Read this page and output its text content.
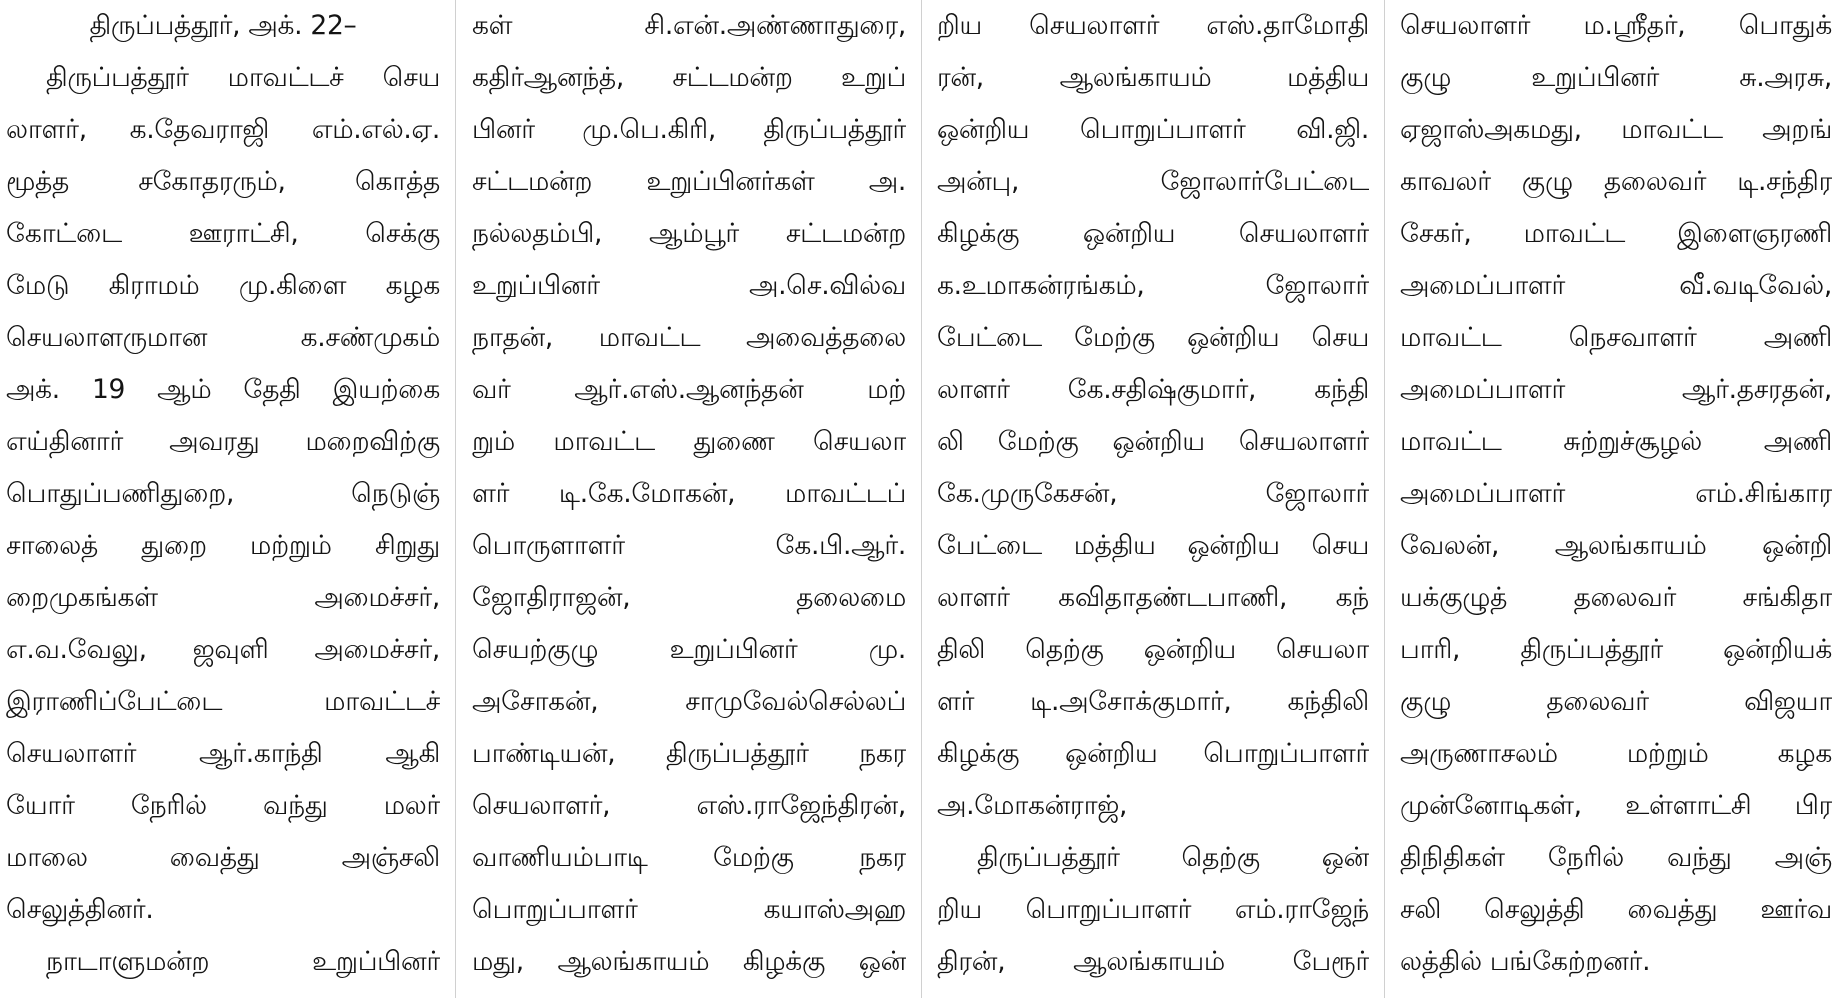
திருப்பத்தூர், அக். 22–
திருப்பத்தூர் மாவட்டச் செய
லாளர், க.தேவராஜி எம்.எல்.ஏ.
மூத்த சகோதரரும், கொத்த
கோட்டை ஊராட்சி, செக்கு
மேடு கிராமம் மு.கிளை கழக
செயலாளருமான க.சண்முகம்
அக். 19 ஆம் தேதி இயற்கை
எய்தினார் அவரது மறைவிற்கு
பொதுப்பணிதுறை, நெடுஞ்
சாலைத் துறை மற்றும் சிறுது
றைமுகங்கள் அமைச்சர்,
எ.வ.வேலு, ஜவுளி அமைச்சர்,
இராணிப்பேட்டை மாவட்டச்
செயலாளர் ஆர்.காந்தி ஆகி
யோர் நேரில் வந்து மலர்
மாலை வைத்து அஞ்சலி
செலுத்தினர்.
நாடாளுமன்ற உறுப்பினர்
கள் சி.என்.அண்ணாதுரை,
கதிர்ஆனந்த், சட்டமன்ற உறுப்
பினர் மு.பெ.கிரி, திருப்பத்தூர்
சட்டமன்ற உறுப்பினர்கள் அ.
நல்லதம்பி, ஆம்பூர் சட்டமன்ற
உறுப்பினர் அ.செ.வில்வ
நாதன், மாவட்ட அவைத்தலை
வர் ஆர்.எஸ்.ஆனந்தன் மற்
றும் மாவட்ட துணை செயலா
ளர் டி.கே.மோகன், மாவட்டப்
பொருளாளர் கே.பி.ஆர்.
ஜோதிராஜன், தலைமை
செயற்குழு உறுப்பினர் மு.
அசோகன், சாமுவேல்செல்லப்
பாண்டியன், திருப்பத்தூர் நகர
செயலாளர், எஸ்.ராஜேந்திரன்,
வாணியம்பாடி மேற்கு நகர
பொறுப்பாளர் கயாஸ்அஹ
மது, ஆலங்காயம் கிழக்கு ஒன்
றிய செயலாளர் எஸ்.தாமோதி
ரன், ஆலங்காயம் மத்திய
ஒன்றிய பொறுப்பாளர் வி.ஜி.
அன்பு, ஜோலார்பேட்டை
கிழக்கு ஒன்றிய செயலாளர்
க.உமாகன்ரங்கம், ஜோலார்
பேட்டை மேற்கு ஒன்றிய செய
லாளர் கே.சதிஷ்குமார், கந்தி
லி மேற்கு ஒன்றிய செயலாளர்
கே.முருகேசன், ஜோலார்
பேட்டை மத்திய ஒன்றிய செய
லாளர் கவிதாதண்டபாணி, கந்
திலி தெற்கு ஒன்றிய செயலா
ளர் டி.அசோக்குமார், கந்திலி
கிழக்கு ஒன்றிய பொறுப்பாளர்
அ.மோகன்ராஜ்,
திருப்பத்தூர் தெற்கு ஒன்
றிய பொறுப்பாளர் எம்.ராஜேந்
திரன், ஆலங்காயம் பேரூர்
செயலாளர் ம.ஸ்ரீதர், பொதுக்
குழு உறுப்பினர் சு.அரசு,
ஏஜாஸ்அகமது, மாவட்ட அறங்
காவலர் குழு தலைவர் டி.சந்திர
சேகர், மாவட்ட இளைஞரணி
அமைப்பாளர் வீ.வடிவேல்,
மாவட்ட நெசவாளர் அணி
அமைப்பாளர் ஆர்.தசரதன்,
மாவட்ட சுற்றுச்சூழல் அணி
அமைப்பாளர் எம்.சிங்கார
வேலன், ஆலங்காயம் ஒன்றி
யக்குழுத் தலைவர் சங்கிதா
பாரி, திருப்பத்தூர் ஒன்றியக்
குழு தலைவர் விஜயா
அருணாசலம் மற்றும் கழக
முன்னோடிகள், உள்ளாட்சி பிர
திநிதிகள் நேரில் வந்து அஞ்
சலி செலுத்தி வைத்து ஊர்வ
லத்தில் பங்கேற்றனர்.
